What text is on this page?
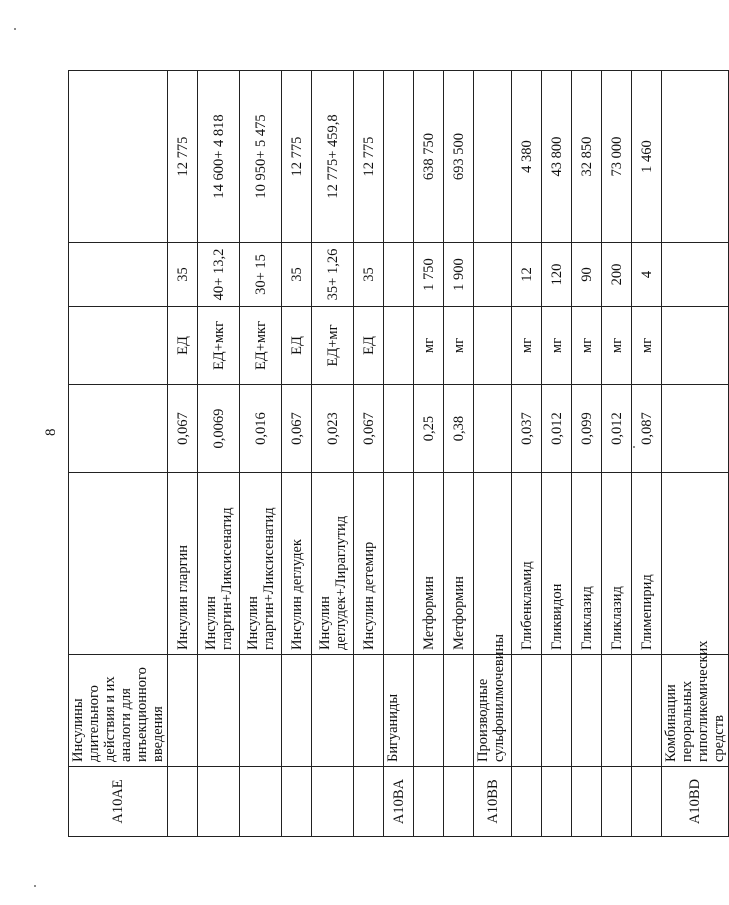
8
A10AE	Инсулины длительного действия и их аналоги для инъекционного введения					
		Инсулин гларгин	0,067	ЕД	35	12 775
		Инсулин гларгин+Ликсисенатид	0,0069	ЕД+мкг	40+ 13,2	14 600+ 4 818
		Инсулин гларгин+Ликсисенатид	0,016	ЕД+мкг	30+ 15	10 950+ 5 475
		Инсулин деглудек	0,067	ЕД	35	12 775
		Инсулин деглудек+Лираглутид	0,023	ЕД+мг	35+ 1,26	12 775+ 459,8
		Инсулин детемир	0,067	ЕД	35	12 775
A10BA	Бигуаниды					
		Метформин	0,25	мг	1 750	638 750
		Метформин	0,38	мг	1 900	693 500
A10BB	Производные сульфонилмочевины					
		Глибенкламид	0,037	мг	12	4 380
		Гликвидон	0,012	мг	120	43 800
		Гликлазид	0,099	мг	90	32 850
		Гликлазид	0,012	мг	200	73 000
		Глимепирид	0,087	мг	4	1 460
A10BD	Комбинации пероральных гипогликемических средств					
